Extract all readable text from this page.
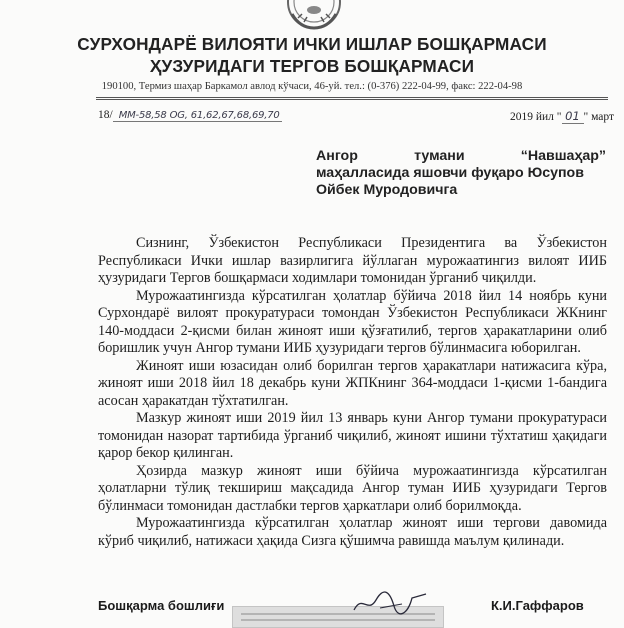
СУРХОНДАРЁ ВИЛОЯТИ ИЧКИ ИШЛАР БОШҚАРМАСИ
ҲУЗУРИДАГИ ТЕРГОВ БОШҚАРМАСИ
190100, Термиз шаҳар Баркамол авлод кўчаси, 46-уй. тел.: (0-376) 222-04-99, факс: 222-04-98
18/ ММ-58,58 ОG, 61,62,67,68,69,70	2019 йил " 01 " март
Ангор	тумани	“Навшаҳар”
маҳалласида яшовчи фуқаро Юсупов
Ойбек Муродовичга

Сизнинг, Ўзбекистон Республикаси Президентига ва Ўзбекистон Республикаси Ички ишлар вазирлигига йўллаган мурожаатингиз вилоят ИИБ ҳузуридаги Тергов бошқармаси ходимлари томонидан ўрганиб чиқилди.

Мурожаатингизда кўрсатилган ҳолатлар бўйича 2018 йил 14 ноябрь куни Сурхондарё вилоят прокуратураси томондан Ўзбекистон Республикаси ЖКнинг 140-моддаси 2-қисми билан жиноят иши қўзғатилиб, тергов ҳаракатларини олиб боришлик учун Ангор тумани ИИБ ҳузуридаги тергов бўлинмасига юборилган.

Жиноят иши юзасидан олиб борилган тергов ҳаракатлари натижасига кўра, жиноят иши 2018 йил 18 декабрь куни ЖПКнинг 364-моддаси 1-қисми 1-бандига асосан ҳаракатдан тўхтатилган.

Мазкур жиноят иши 2019 йил 13 январь куни Ангор тумани прокуратураси томонидан назорат тартибида ўрганиб чиқилиб, жиноят ишини тўхтатиш ҳақидаги қарор бекор қилинган.

Ҳозирда мазкур жиноят иши бўйича мурожаатингизда кўрсатилган ҳолатларни тўлиқ текшириш мақсадида Ангор туман ИИБ ҳузуридаги Тергов бўлинмаси томонидан дастлабки тергов ҳаркатлари олиб борилмоқда.

Мурожаатингизда кўрсатилган ҳолатлар жиноят иши тергови давомида кўриб чиқилиб, натижаси ҳақида Сизга қўшимча равишда маълум қилинади.

Бошқарма бошлиғи	К.И.Гаффаров
